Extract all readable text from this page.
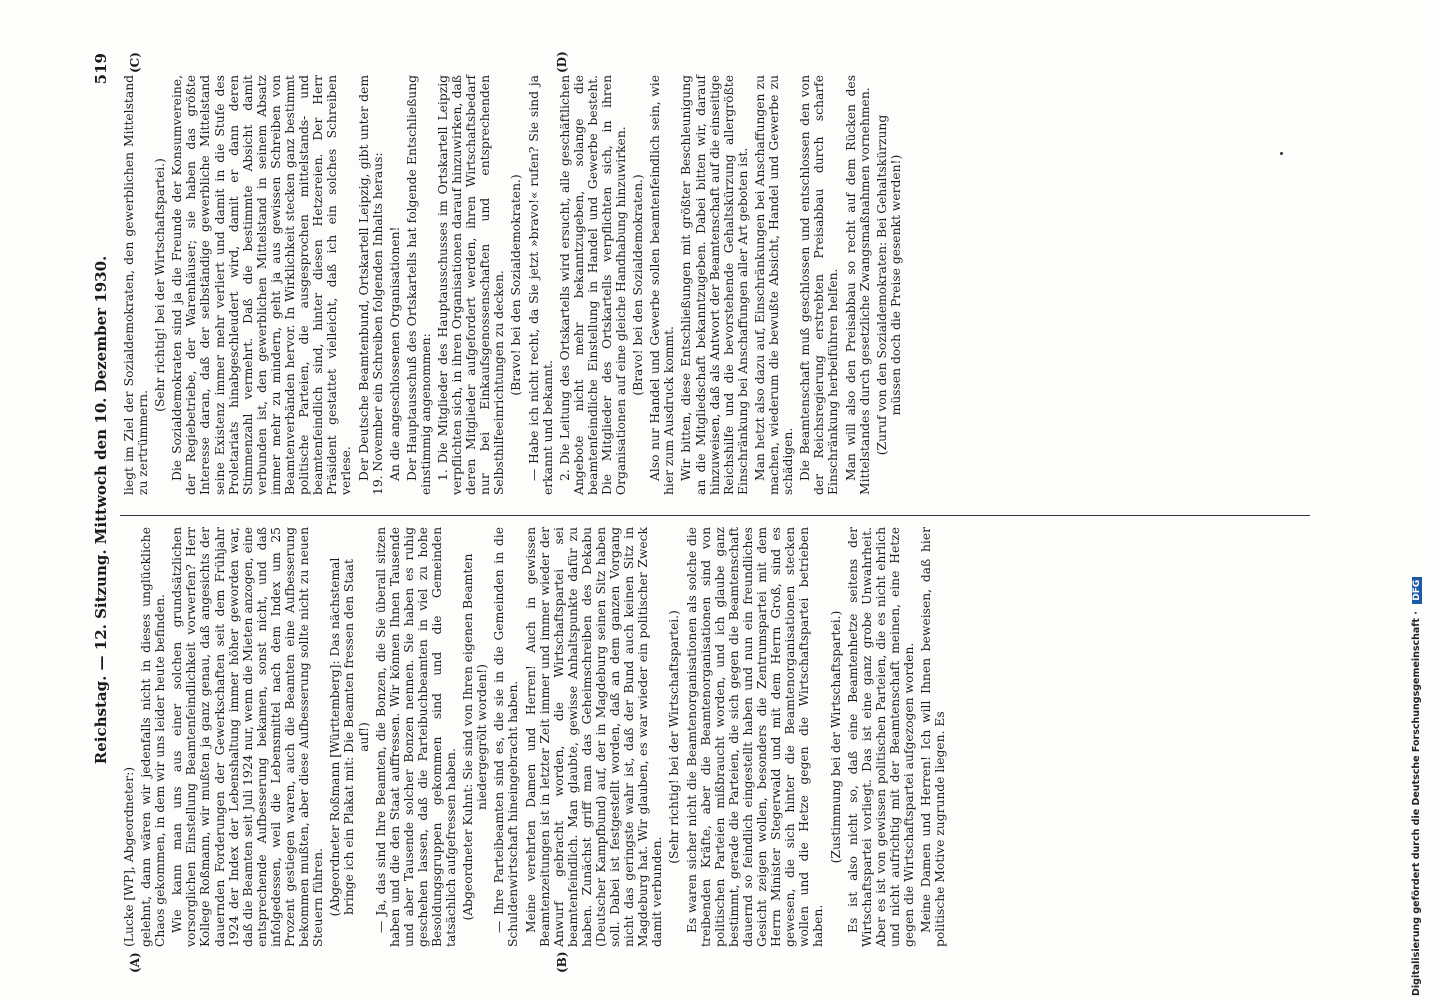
Reichstag. — 12. Sitzung. Mittwoch den 10. Dezember 1930.
519
(A)	(B)
(C)	(D)

(Lucke [WP], Abgeordneter:) gelehnt, dann wären wir jedenfalls nicht in dieses unglückliche Chaos gekommen, in dem wir uns leider heute befinden. Wie kann man uns aus einer solchen grundsätzlichen vorsorglichen Einstellung Beamtenfeindlichkeit vorwerfen? Herr Kollege Roßmann, wir mußten ja ganz genau, daß angesichts der dauernden Forderungen der Gewerkschaften seit dem Frühjahr 1924 der Index der Lebenshaltung immer höher geworden war, daß die Beamten seit Juli 1924 nur, wenn die Mieten anzogen, eine entsprechende Aufbesserung bekamen, sonst nicht, und daß infolgedessen, weil die Lebensmittel nach dem Index um 25 Prozent gestiegen waren, auch die Beamten eine Aufbesserung bekommen mußten, aber diese Aufbesserung sollte nicht zu neuen Steuern führen. (Abgeordneter Roßmann [Württemberg]: Das nächstemal bringe ich ein Plakat mit: Die Beamten fressen den Staat auf!) — Ja, das sind Ihre Beamten, die Bonzen, die Sie überall sitzen haben und die den Staat auffressen. Wir können Ihnen Tausende und aber Tausende solcher Bonzen nennen. Sie haben es ruhig geschehen lassen, daß die Parteibuchbeamten in viel zu hohe Besoldungsgruppen gekommen sind und die Gemeinden tatsächlich aufgefressen haben. (Abgeordneter Kuhnt: Sie sind von Ihren eigenen Beamten niedergegrölt worden!) — Ihre Parteibeamten sind es, die sie in die Gemeinden in die Schuldenwirtschaft hineingebracht haben. Meine verehrten Damen und Herren! Auch in gewissen Beamtenzeitungen ist in letzter Zeit immer und immer wieder der Anwurf gebracht worden, die Wirtschaftspartei sei beamtenfeindlich. Man glaubte, gewisse Anhaltspunkte dafür zu haben. Zunächst griff man das Geheimschreiben des Dekabu (Deutscher Kampfbund) auf, der in Magdeburg seinen Sitz haben soll. Dabei ist festgestellt worden, daß an dem ganzen Vorgang nicht das geringste wahr ist, daß der Bund auch keinen Sitz in Magdeburg hat. Wir glauben, es war wieder ein politischer Zweck damit verbunden.

(Sehr richtig! bei der Wirtschaftspartei.) Es waren sicher nicht die Beamtenorganisationen als solche die treibenden Kräfte, aber die Beamtenorganisationen sind von politischen Parteien mißbraucht worden, und ich glaube ganz bestimmt, gerade die Parteien, die sich gegen die Beamtenschaft dauernd so feindlich eingestellt haben und nun ein freundliches Gesicht zeigen wollen, besonders die Zentrumspartei mit dem Herrn Minister Stegerwald und mit dem Herrn Groß, sind es gewesen, die sich hinter die Beamtenorganisationen stecken wollen und die Hetze gegen die Wirtschaftspartei betrieben haben.

(Zustimmung bei der Wirtschaftspartei.) Es ist also nicht so, daß eine Beamtenhetze seitens der Wirtschaftspartei vorliegt. Das ist eine ganz grobe Unwahrheit. Aber es ist von gewissen politischen Parteien, die es nicht ehrlich und nicht aufrichtig mit der Beamtenschaft meinen, eine Hetze gegen die Wirtschaftspartei aufgezogen worden. Meine Damen und Herren! Ich will Ihnen beweisen, daß hier politische Motive zugrunde liegen. Es

liegt im Ziel der Sozialdemokraten, den gewerblichen Mittelstand zu zertrümmern.

(Sehr richtig! bei der Wirtschaftspartei.) Die Sozialdemokraten sind ja die Freunde der Konsumvereine, der Regiebetriebe, der Warenhäuser; sie haben das größte Interesse daran, daß der selbständige gewerbliche Mittelstand seine Existenz immer mehr verliert und damit in die Stufe des Proletariats hinabgeschleudert wird, damit er dann deren Stimmenzahl vermehrt. Daß die bestimmte Absicht damit verbunden ist, den gewerblichen Mittelstand in seinem Absatz immer mehr zu mindern, geht ja aus gewissen Schreiben von Beamtenverbänden hervor. In Wirklichkeit stecken ganz bestimmt politische Parteien, die ausgesprochen mittelstands- und beamtenfeindlich sind, hinter diesen Hetzereien. Der Herr Präsident gestattet vielleicht, daß ich ein solches Schreiben verlese. Der Deutsche Beamtenbund, Ortskartell Leipzig, gibt unter dem 19. November ein Schreiben folgenden Inhalts heraus: An die angeschlossenen Organisationen! Der Hauptausschuß des Ortskartells hat folgende Entschließung einstimmig angenommen: 1. Die Mitglieder des Hauptausschusses im Ortskartell Leipzig verpflichten sich, in ihren Organisationen darauf hinzuwirken, daß deren Mitglieder aufgefordert werden, ihren Wirtschaftsbedarf nur bei Einkaufsgenossenschaften und entsprechenden Selbsthilfeeinrichtungen zu decken. (Bravo! bei den Sozialdemokraten.) — Habe ich nicht recht, da Sie jetzt »bravo!« rufen? Sie sind ja erkannt und bekannt. 2. Die Leitung des Ortskartells wird ersucht, alle geschäftlichen Angebote nicht mehr bekanntzugeben, solange die beamtenfeindliche Einstellung in Handel und Gewerbe besteht. Die Mitglieder des Ortskartells verpflichten sich, in ihren Organisationen auf eine gleiche Handhabung hinzuwirken. (Bravo! bei den Sozialdemokraten.) Also nur Handel und Gewerbe sollen beamtenfeindlich sein, wie hier zum Ausdruck kommt. Wir bitten, diese Entschließungen mit größter Beschleunigung an die Mitgliedschaft bekanntzugeben. Dabei bitten wir, darauf hinzuweisen, daß als Antwort der Beamtenschaft auf die einseitige Reichshilfe und die bevorstehende Gehaltskürzung allergrößte Einschränkung bei Anschaffungen aller Art geboten ist. Man hetzt also dazu auf, Einschränkungen bei Anschaffungen zu machen, wiederum die bewußte Absicht, Handel und Gewerbe zu schädigen. Die Beamtenschaft muß geschlossen und entschlossen den von der Reichsregierung erstrebten Preisabbau durch scharfe Einschränkung herbeiführen helfen. Man will also den Preisabbau so recht auf dem Rücken des Mittelstandes durch gesetzliche Zwangsmaßnahmen vornehmen. (Zuruf von den Sozialdemokraten: Bei Gehaltskürzung müssen doch die Preise gesenkt werden!)

Digitalisierung gefördert durch die Deutsche Forschungsgemeinschaft · DFG
